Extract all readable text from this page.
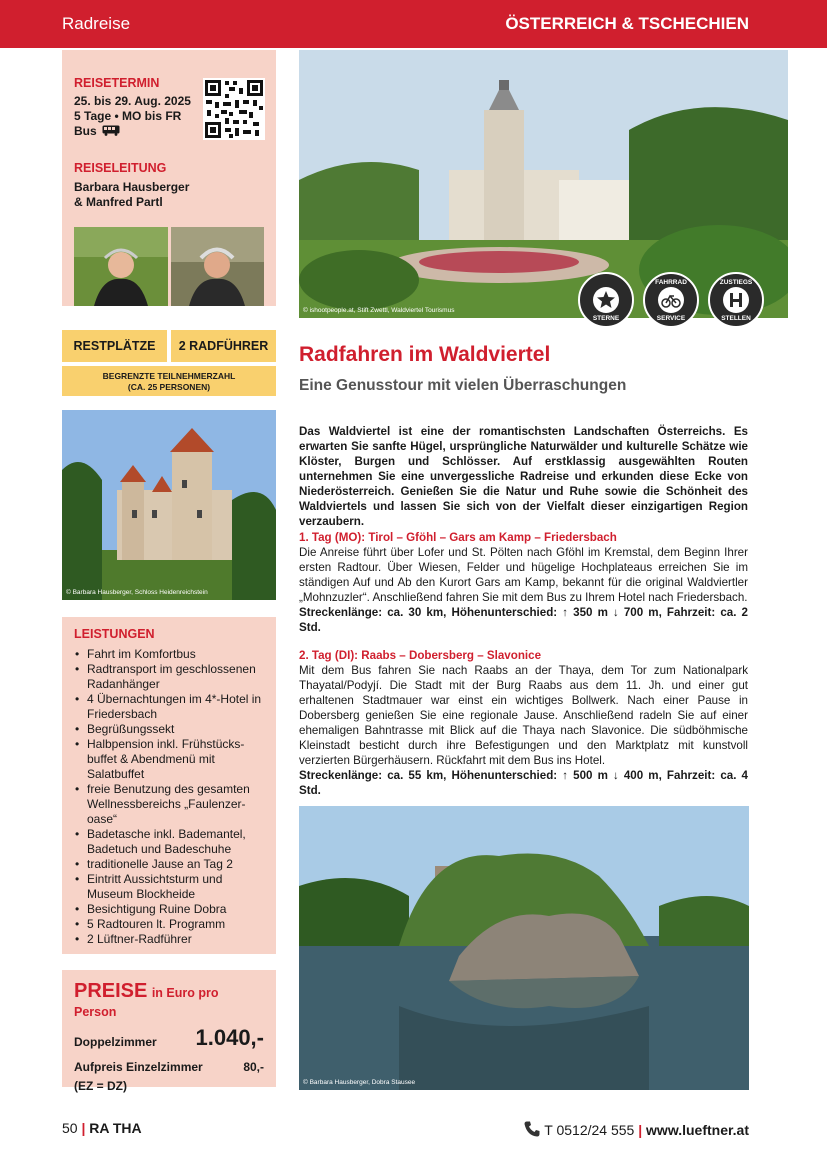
Radreise	ÖSTERREICH & TSCHECHIEN
REISETERMIN
25. bis 29. Aug. 2025
5 Tage • MO bis FR
Bus
REISELEITUNG
Barbara Hausberger
& Manfred Partl
RESTPLÄTZE	2 RADFÜHRER
BEGRENZTE TEILNEHMERZAHL
(CA. 25 PERSONEN)
© Barbara Hausberger, Schloss Heidenreichstein
LEISTUNGEN
• Fahrt im Komfortbus
• Radtransport im geschlossenen Radanhänger
• 4 Übernachtungen im 4*-Hotel in Friedersbach
• Begrüßungssekt
• Halbpension inkl. Frühstücks-buffet & Abendmenü mit Salatbuffet
• freie Benutzung des gesamten Wellnessbereichs „Faulenzer-oase“
• Badetasche inkl. Bademantel, Badetuch und Badeschuhe
• traditionelle Jause an Tag 2
• Eintritt Aussichtsturm und Museum Blockheide
• Besichtigung Ruine Dobra
• 5 Radtouren lt. Programm
• 2 Lüftner-Radführer
PREISE in Euro pro Person
Doppelzimmer 1.040,-
Aufpreis Einzelzimmer	80,-
(EZ = DZ)
© ishootpeople.at, Stift Zwettl, Waldviertel Tourismus
STERNE
FAHRRAD
SERVICE
ZUSTIEGS
STELLEN
Radfahren im Waldviertel
Eine Genusstour mit vielen Überraschungen
Das Waldviertel ist eine der romantischsten Landschaften Österreichs. Es erwarten Sie sanfte Hügel, ursprüngliche Naturwälder und kulturelle Schätze wie Klöster, Burgen und Schlösser. Auf erstklassig ausgewählten Routen unternehmen Sie eine unvergessliche Radreise und erkunden diese Ecke von Niederösterreich. Genießen Sie die Natur und Ruhe sowie die Schönheit des Waldviertels und lassen Sie sich von der Vielfalt dieser einzigartigen Region verzaubern.
1. Tag (MO): Tirol – Gföhl – Gars am Kamp – Friedersbach
Die Anreise führt über Lofer und St. Pölten nach Gföhl im Kremstal, dem Beginn Ihrer ersten Radtour. Über Wiesen, Felder und hügelige Hochplateaus erreichen Sie im ständigen Auf und Ab den Kurort Gars am Kamp, bekannt für die original Waldviertler „Mohnzuzler“. Anschließend fahren Sie mit dem Bus zu Ihrem Hotel nach Friedersbach.
Streckenlänge: ca. 30 km, Höhenunterschied: ↑ 350 m ↓ 700 m, Fahrzeit: ca. 2 Std.
2. Tag (DI): Raabs – Dobersberg – Slavonice
Mit dem Bus fahren Sie nach Raabs an der Thaya, dem Tor zum Nationalpark Thayatal/Podyjí. Die Stadt mit der Burg Raabs aus dem 11. Jh. und einer gut erhaltenen Stadtmauer war einst ein wichtiges Bollwerk. Nach einer Pause in Dobersberg genießen Sie eine regionale Jause. Anschließend radeln Sie auf einer ehemaligen Bahntrasse mit Blick auf die Thaya nach Slavonice. Die südböhmische Kleinstadt besticht durch ihre Befestigungen und den Marktplatz mit kunstvoll verzierten Bürgerhäusern. Rückfahrt mit dem Bus ins Hotel.
Streckenlänge: ca. 55 km, Höhenunterschied: ↑ 500 m ↓ 400 m, Fahrzeit: ca. 4 Std.
© Barbara Hausberger, Dobra Stausee
50 | RA THA	T 0512/24 555 | www.lueftner.at
